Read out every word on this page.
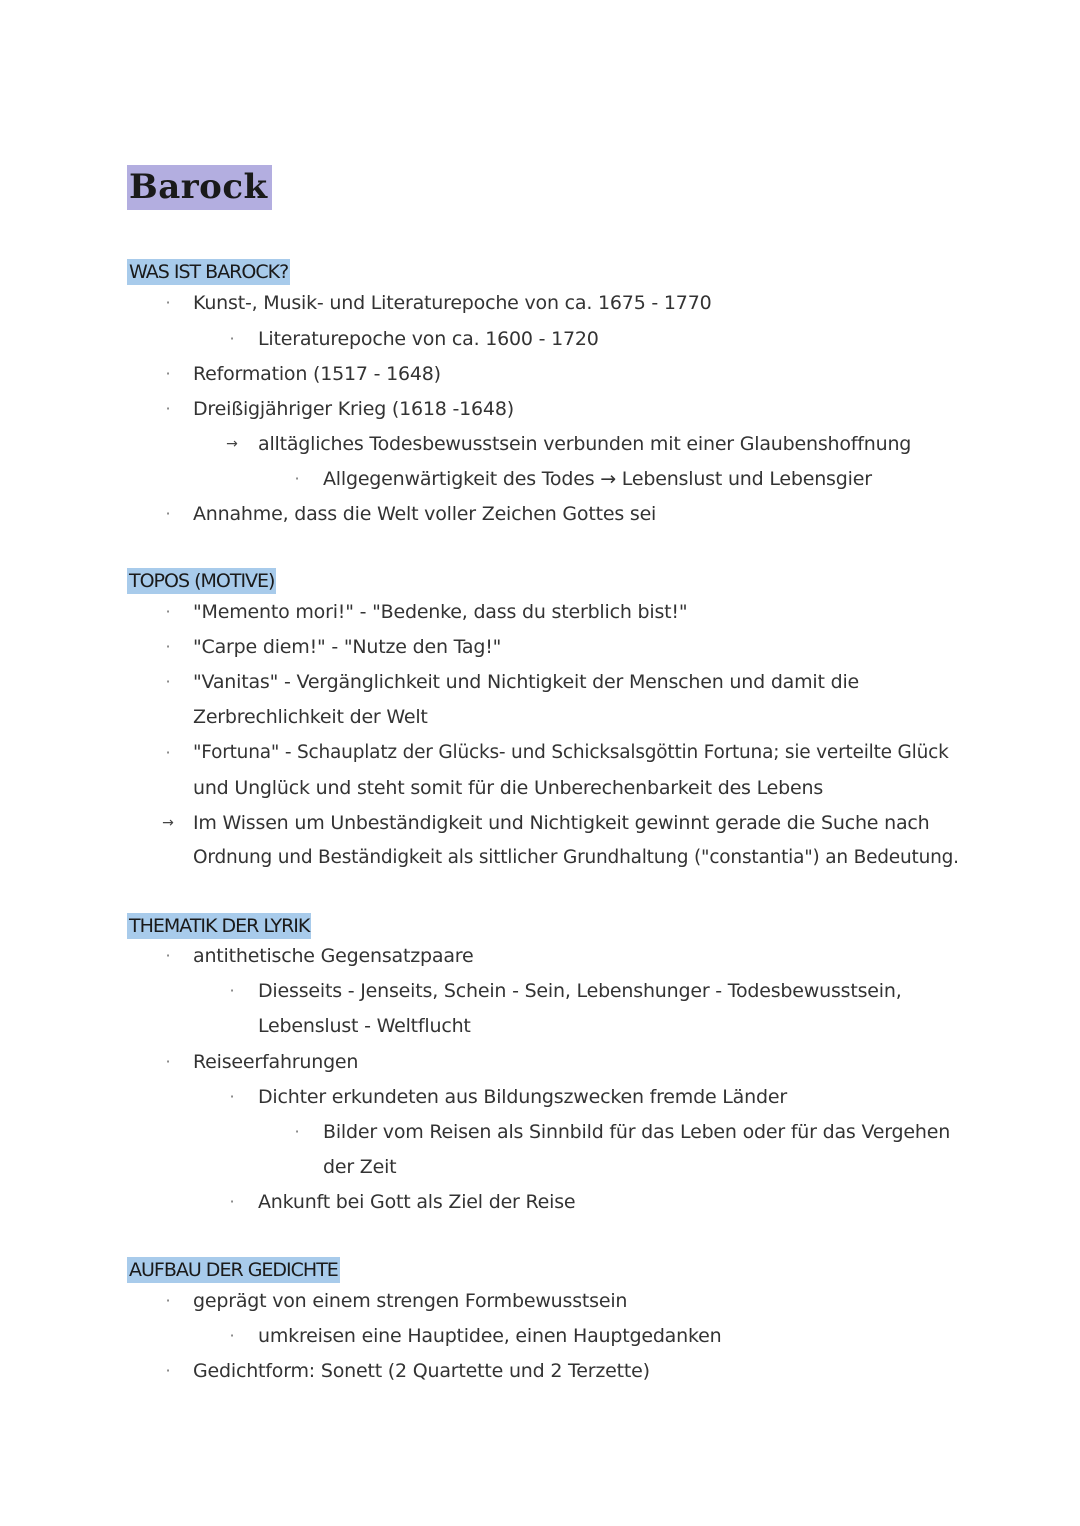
Barock
WAS IST BAROCK?
·	Kunst-, Musik- und Literaturepoche von ca. 1675 - 1770
·	Literaturepoche von ca. 1600 - 1720
·	Reformation (1517 - 1648)
·	Dreißigjähriger Krieg (1618 -1648)
→ alltägliches Todesbewusstsein verbunden mit einer Glaubenshoffnung
·	Allgegenwärtigkeit des Todes → Lebenslust und Lebensgier
·	Annahme, dass die Welt voller Zeichen Gottes sei
TOPOS (MOTIVE)
·	"Memento mori!" - "Bedenke, dass du sterblich bist!"
·	"Carpe diem!" - "Nutze den Tag!"
·	"Vanitas" - Vergänglichkeit und Nichtigkeit der Menschen und damit die
Zerbrechlichkeit der Welt
·	"Fortuna" - Schauplatz der Glücks- und Schicksalsgöttin Fortuna; sie verteilte Glück
und Unglück und steht somit für die Unberechenbarkeit des Lebens
→ Im Wissen um Unbeständigkeit und Nichtigkeit gewinnt gerade die Suche nach
Ordnung und Beständigkeit als sittlicher Grundhaltung ("constantia") an Bedeutung.
THEMATIK DER LYRIK
·	antithetische Gegensatzpaare
·	Diesseits - Jenseits, Schein - Sein, Lebenshunger - Todesbewusstsein,
Lebenslust - Weltflucht
·	Reiseerfahrungen
·	Dichter erkundeten aus Bildungszwecken fremde Länder
·	Bilder vom Reisen als Sinnbild für das Leben oder für das Vergehen
der Zeit
·	Ankunft bei Gott als Ziel der Reise
AUFBAU DER GEDICHTE
·	geprägt von einem strengen Formbewusstsein
·	umkreisen eine Hauptidee, einen Hauptgedanken
·	Gedichtform: Sonett (2 Quartette und 2 Terzette)
